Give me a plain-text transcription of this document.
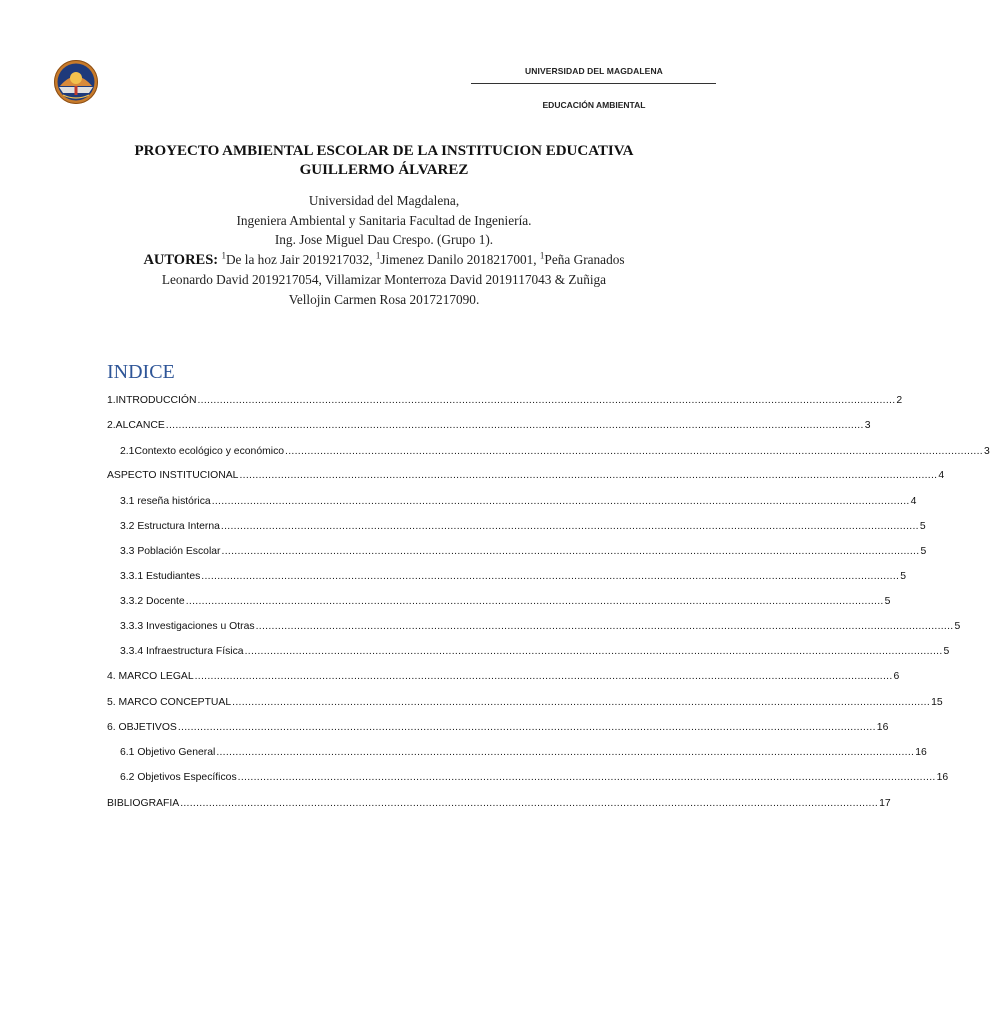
UNIVERSIDAD DEL MAGDALENA
EDUCACIÓN AMBIENTAL
PROYECTO AMBIENTAL ESCOLAR DE LA INSTITUCION EDUCATIVA
GUILLERMO ÁLVAREZ
Universidad del Magdalena,
Ingeniera Ambiental y Sanitaria Facultad de Ingeniería.
Ing. Jose Miguel Dau Crespo. (Grupo 1).
AUTORES: $^1$De la hoz Jair 2019217032, $^1$Jimenez Danilo 2018217001, $^1$Peña Granados
Leonardo David 2019217054, Villamizar Monterroza David 2019117043 & Zuñiga
Vellojin Carmen Rosa 2017217090.
INDICE
1. INTRODUCCIÓN ........................................................................................................................................................................................................................... 2
2. ALCANCE ........................................................................................................................................................................................................................... 3
2.1 Contexto ecológico y económico ........................................................................................................................................................................................................................... 3
ASPECTO INSTITUCIONAL ........................................................................................................................................................................................................................... 4
3.1 reseña histórica ........................................................................................................................................................................................................................... 4
3.2 Estructura Interna ........................................................................................................................................................................................................................... 5
3.3 Población Escolar ........................................................................................................................................................................................................................... 5
3.3.1 Estudiantes ........................................................................................................................................................................................................................... 5
3.3.2 Docente ........................................................................................................................................................................................................................... 5
3.3.3 Investigaciones u Otras ........................................................................................................................................................................................................................... 5
3.3.4 Infraestructura Física ........................................................................................................................................................................................................................... 5
4. MARCO LEGAL ........................................................................................................................................................................................................................... 6
5. MARCO CONCEPTUAL ........................................................................................................................................................................................................................... 15
6. OBJETIVOS ........................................................................................................................................................................................................................... 16
6.1 Objetivo General ........................................................................................................................................................................................................................... 16
6.2 Objetivos Específicos ........................................................................................................................................................................................................................... 16
BIBLIOGRAFIA ........................................................................................................................................................................................................................... 17
